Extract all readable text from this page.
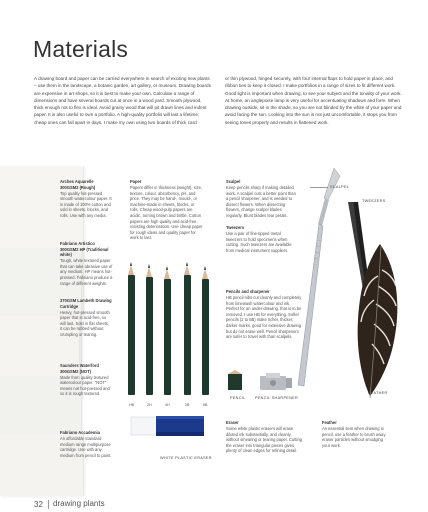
Materials

A drawing board and paper can be carried everywhere in search of exciting new plants – use them in the landscape, a botanic garden, art gallery, or museum. Drawing boards are expensive in art shops, so it is best to make your own. Calculate a range of dimensions and have several boards cut at once in a wood yard. Smooth plywood, thick enough not to flex is ideal. Avoid grainy wood that will pit drawn lines and indent paper. It is also useful to own a portfolio. A high-quality portfolio will last a lifetime; cheap ones can fall apart in days. I make my own using two boards of thick card

or thin plywood, hinged securely, with four internal flaps to hold paper in place, and ribbon ties to keep it closed. I make portfolios in a range of sizes to fit different work. Good light is important when drawing, to see your subject and the tonality of your work. At home, an anglepoise lamp is very useful for accentuating shadows and form. When drawing outside, sit in the shade, so you are not blinded by the white of your paper and avoid facing the sun. Looking into the sun is not just uncomfortable, it stops you from seeing tones properly and results in flattened work.

Arches Aquarelle 300GSM2 (Rough)
Top quality hot-pressed smooth watercolour paper. It is made of 100% cotton and sold in sheets, blocks, and rolls. Use with any media.
Fabriano Artistico 300GSM2 HP (Traditional white)
Tough, white textured paper that can take abrasive use of any medium. HP means hot-pressed. Fabriano produce a range of different weights.
370GSM Lambeth Drawing Cartridge
Heavy, hot-pressed smooth paper that is acid-free, so will last. Sold in flat sheets, it can be rubbed without crumpling or tearing.
Saunders Waterford 300GSM2 (NOT)
Made from quality textured watercolour paper. "NOT" means not hot-pressed and so it is rough textured.
Fabriano Accademia
An affordable standard medium range multipurpose cartridge. Use with any medium from pencil to paint.
Paper
Papers differ in thickness (weight), size, texture, colour, absorbency, pH, and price. They may be hand-, mould-, or machine-made in sheets, blocks, or rolls. Cheap wood-pulp papers are acidic, turning brown and brittle. Cotton papers are high quality and acid-free, resisting deterioration. Use cheap paper for rough ideas and quality paper for work to last.
HB	2H	4H	2B	6B
WHITE PLASTIC ERASER
Scalpel
Keep pencils sharp if making detailed work. A scalpel cuts a better point than a pencil sharpener, and is needed to dissect flowers. When dissecting flowers, change scalpel blades regularly. Blunt blades tear petals.
Tweezers
Use a pair of fine-tipped metal tweezers to hold specimens when cutting. Such tweezers are available from medical instrument suppliers.
SCALPEL
TWEEZERS
Pencils and sharpener
HB pencil nibs cut cleanly and completely from limewash watercolour and ink. Perfect for an under-drawing, that is to be removed. I use HB for everything. Softer pencils (2 to 6B) make richer, thicker, darker marks, good for extensive drawing but do not erase well. Pencil sharpeners are safer to travel with than scalpels.
PENCIL PENCIL SHARPENER
FEATHER
Eraser
Some white plastic erasers will erase diluted ink substantially, and cleanly, without smearing or tearing paper. Cutting the eraser into triangular pieces gives plenty of clean edges for refining detail.
Feather
An essential item when drawing in pencil, use a feather to brush away eraser particles without smudging your work.
32 drawing plants
